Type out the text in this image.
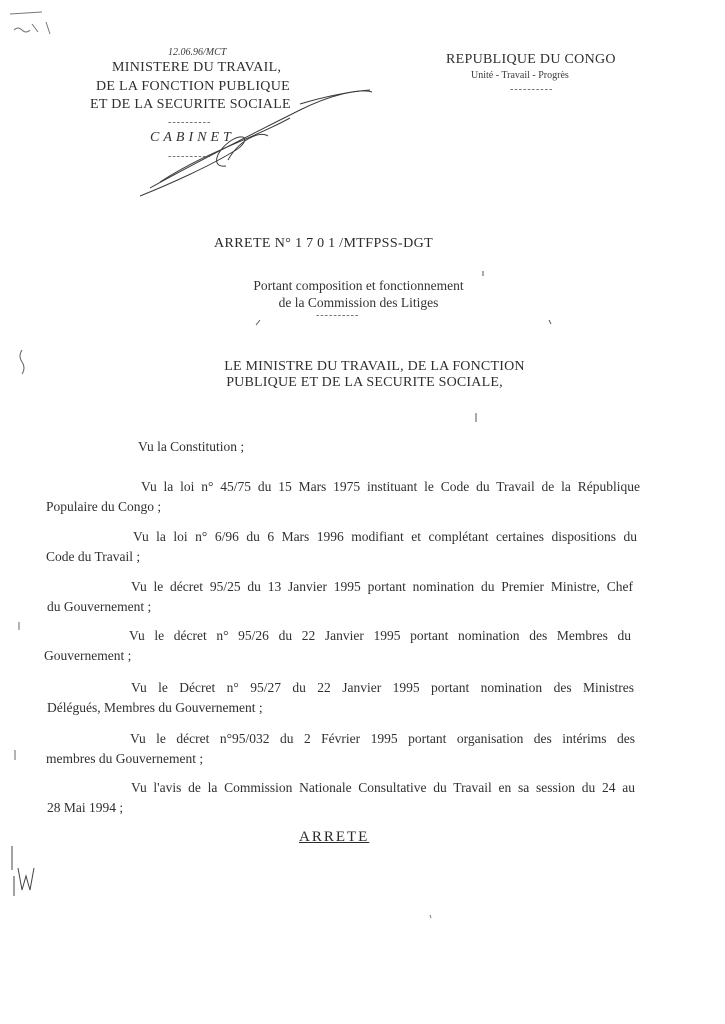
12.06.96/MCT
MINISTERE DU TRAVAIL,
DE LA FONCTION PUBLIQUE
ET DE LA SECURITE SOCIALE
----------
CABINET
----------
REPUBLIQUE DU CONGO
Unité - Travail - Progrès
----------
ARRETE N° 1701/MTFPSS-DGT
Portant composition et fonctionnement
de la Commission des Litiges
----------
LE MINISTRE DU TRAVAIL, DE LA FONCTION
PUBLIQUE ET DE LA SECURITE SOCIALE,
Vu la Constitution ;
Vu la loi n° 45/75 du 15 Mars 1975 instituant le Code du Travail de la République
Populaire du Congo ;
Vu la loi n° 6/96 du 6 Mars 1996 modifiant et complétant certaines dispositions du
Code du Travail ;
Vu le décret 95/25 du 13 Janvier 1995 portant nomination du Premier Ministre, Chef
du Gouvernement ;
Vu le décret n° 95/26 du 22 Janvier 1995 portant nomination des Membres du
Gouvernement ;
Vu le Décret n° 95/27 du 22 Janvier 1995 portant nomination des Ministres
Délégués, Membres du Gouvernement ;
Vu le décret n°95/032 du 2 Février 1995 portant organisation des intérims des
membres du Gouvernement ;
Vu l'avis de la Commission Nationale Consultative du Travail en sa session du 24 au
28 Mai 1994 ;
ARRETE
